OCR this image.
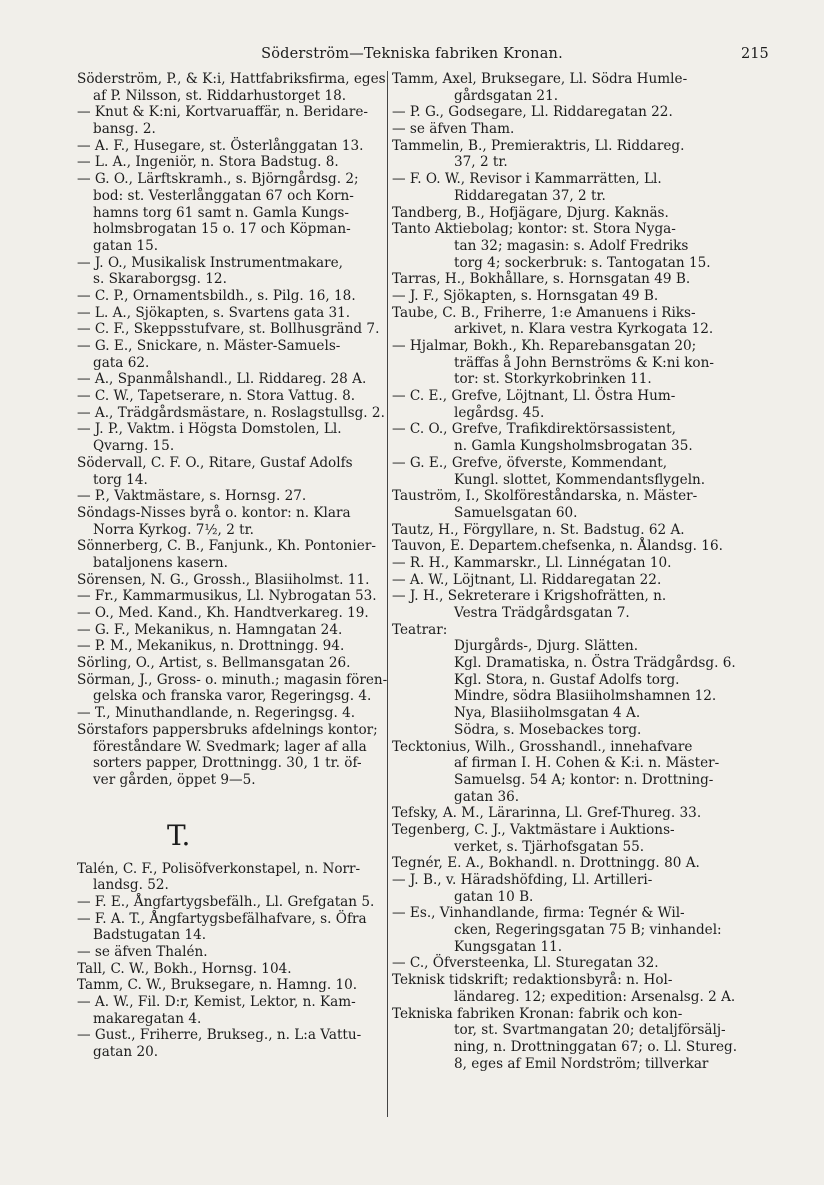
Söderström—Tekniska fabriken Kronan.	215
Söderström, P., & K:i, Hattfabriksfirma, eges
af P. Nilsson, st. Riddarhustorget 18.
— Knut & K:ni, Kortvaruaffär, n. Beridare-
bansg. 2.
— A. F., Husegare, st. Österlånggatan 13.
— L. A., Ingeniör, n. Stora Badstug. 8.
— G. O., Lärftskramh., s. Björngårdsg. 2;
bod: st. Vesterlånggatan 67 och Korn-
hamns torg 61 samt n. Gamla Kungs-
holmsbrogatan 15 o. 17 och Köpman-
gatan 15.
— J. O., Musikalisk Instrumentmakare,
s. Skaraborgsg. 12.
— C. P., Ornamentsbildh., s. Pilg. 16, 18.
— L. A., Sjökapten, s. Svartens gata 31.
— C. F., Skeppsstufvare, st. Bollhusgränd 7.
— G. E., Snickare, n. Mäster-Samuels-
gata 62.
— A., Spanmålshandl., Ll. Riddareg. 28 A.
— C. W., Tapetserare, n. Stora Vattug. 8.
— A., Trädgårdsmästare, n. Roslagstullsg. 2.
— J. P., Vaktm. i Högsta Domstolen, Ll.
Qvarng. 15.
Södervall, C. F. O., Ritare, Gustaf Adolfs
torg 14.
— P., Vaktmästare, s. Hornsg. 27.
Söndags-Nisses byrå o. kontor: n. Klara
Norra Kyrkog. 7½, 2 tr.
Sönnerberg, C. B., Fanjunk., Kh. Pontonier-
bataljonens kasern.
Sörensen, N. G., Grossh., Blasiiholmst. 11.
— Fr., Kammarmusikus, Ll. Nybrogatan 53.
— O., Med. Kand., Kh. Handtverkareg. 19.
— G. F., Mekanikus, n. Hamngatan 24.
— P. M., Mekanikus, n. Drottningg. 94.
Sörling, O., Artist, s. Bellmansgatan 26.
Sörman, J., Gross- o. minuth.; magasin fören-
gelska och franska varor, Regeringsg. 4.
— T., Minuthandlande, n. Regeringsg. 4.
Sörstafors pappersbruks afdelnings kontor;
föreståndare W. Svedmark; lager af alla
sorters papper, Drottningg. 30, 1 tr. öf-
ver gården, öppet 9—5.
T.
Talén, C. F., Polisöfverkonstapel, n. Norr-
landsg. 52.
— F. E., Ångfartygsbefälh., Ll. Grefgatan 5.
— F. A. T., Ångfartygsbefälhafvare, s. Öfra
Badstugatan 14.
— se äfven Thalén.
Tall, C. W., Bokh., Hornsg. 104.
Tamm, C. W., Bruksegare, n. Hamng. 10.
— A. W., Fil. D:r, Kemist, Lektor, n. Kam-
makaregatan 4.
— Gust., Friherre, Brukseg., n. L:a Vattu-
gatan 20.
Tamm, Axel, Bruksegare, Ll. Södra Humle-
gårdsgatan 21.
— P. G., Godsegare, Ll. Riddaregatan 22.
— se äfven Tham.
Tammelin, B., Premieraktris, Ll. Riddareg.
37, 2 tr.
— F. O. W., Revisor i Kammarrätten, Ll.
Riddaregatan 37, 2 tr.
Tandberg, B., Hofjägare, Djurg. Kaknäs.
Tanto Aktiebolag; kontor: st. Stora Nyga-
tan 32; magasin: s. Adolf Fredriks
torg 4; sockerbruk: s. Tantogatan 15.
Tarras, H., Bokhållare, s. Hornsgatan 49 B.
— J. F., Sjökapten, s. Hornsgatan 49 B.
Taube, C. B., Friherre, 1:e Amanuens i Riks-
arkivet, n. Klara vestra Kyrkogata 12.
— Hjalmar, Bokh., Kh. Reparebansgatan 20;
träffas å John Bernströms & K:ni kon-
tor: st. Storkyrkobrinken 11.
— C. E., Grefve, Löjtnant, Ll. Östra Hum-
legårdsg. 45.
— C. O., Grefve, Trafikdirektörsassistent,
n. Gamla Kungsholmsbrogatan 35.
— G. E., Grefve, öfverste, Kommendant,
Kungl. slottet, Kommendantsflygeln.
Tauström, I., Skolföreståndarska, n. Mäster-
Samuelsgatan 60.
Tautz, H., Förgyllare, n. St. Badstug. 62 A.
Tauvon, E. Departem.chefsenka, n. Ålandsg. 16.
— R. H., Kammarskr., Ll. Linnégatan 10.
— A. W., Löjtnant, Ll. Riddaregatan 22.
— J. H., Sekreterare i Krigshofrätten, n.
Vestra Trädgårdsgatan 7.
Teatrar:
Djurgårds-, Djurg. Slätten.
Kgl. Dramatiska, n. Östra Trädgårdsg. 6.
Kgl. Stora, n. Gustaf Adolfs torg.
Mindre, södra Blasiiholmshamnen 12.
Nya, Blasiiholmsgatan 4 A.
Södra, s. Mosebackes torg.
Tecktonius, Wilh., Grosshandl., innehafvare
af firman I. H. Cohen & K:i. n. Mäster-
Samuelsg. 54 A; kontor: n. Drottning-
gatan 36.
Tefsky, A. M., Lärarinna, Ll. Gref-Thureg. 33.
Tegenberg, C. J., Vaktmästare i Auktions-
verket, s. Tjärhofsgatan 55.
Tegnér, E. A., Bokhandl. n. Drottningg. 80 A.
— J. B., v. Häradshöfding, Ll. Artilleri-
gatan 10 B.
— Es., Vinhandlande, firma: Tegnér & Wil-
cken, Regeringsgatan 75 B; vinhandel:
Kungsgatan 11.
— C., Öfversteenka, Ll. Sturegatan 32.
Teknisk tidskrift; redaktionsbyrå: n. Hol-
ländareg. 12; expedition: Arsenalsg. 2 A.
Tekniska fabriken Kronan: fabrik och kon-
tor, st. Svartmangatan 20; detaljförsälj-
ning, n. Drottninggatan 67; o. Ll. Stureg.
8, eges af Emil Nordström; tillverkar
